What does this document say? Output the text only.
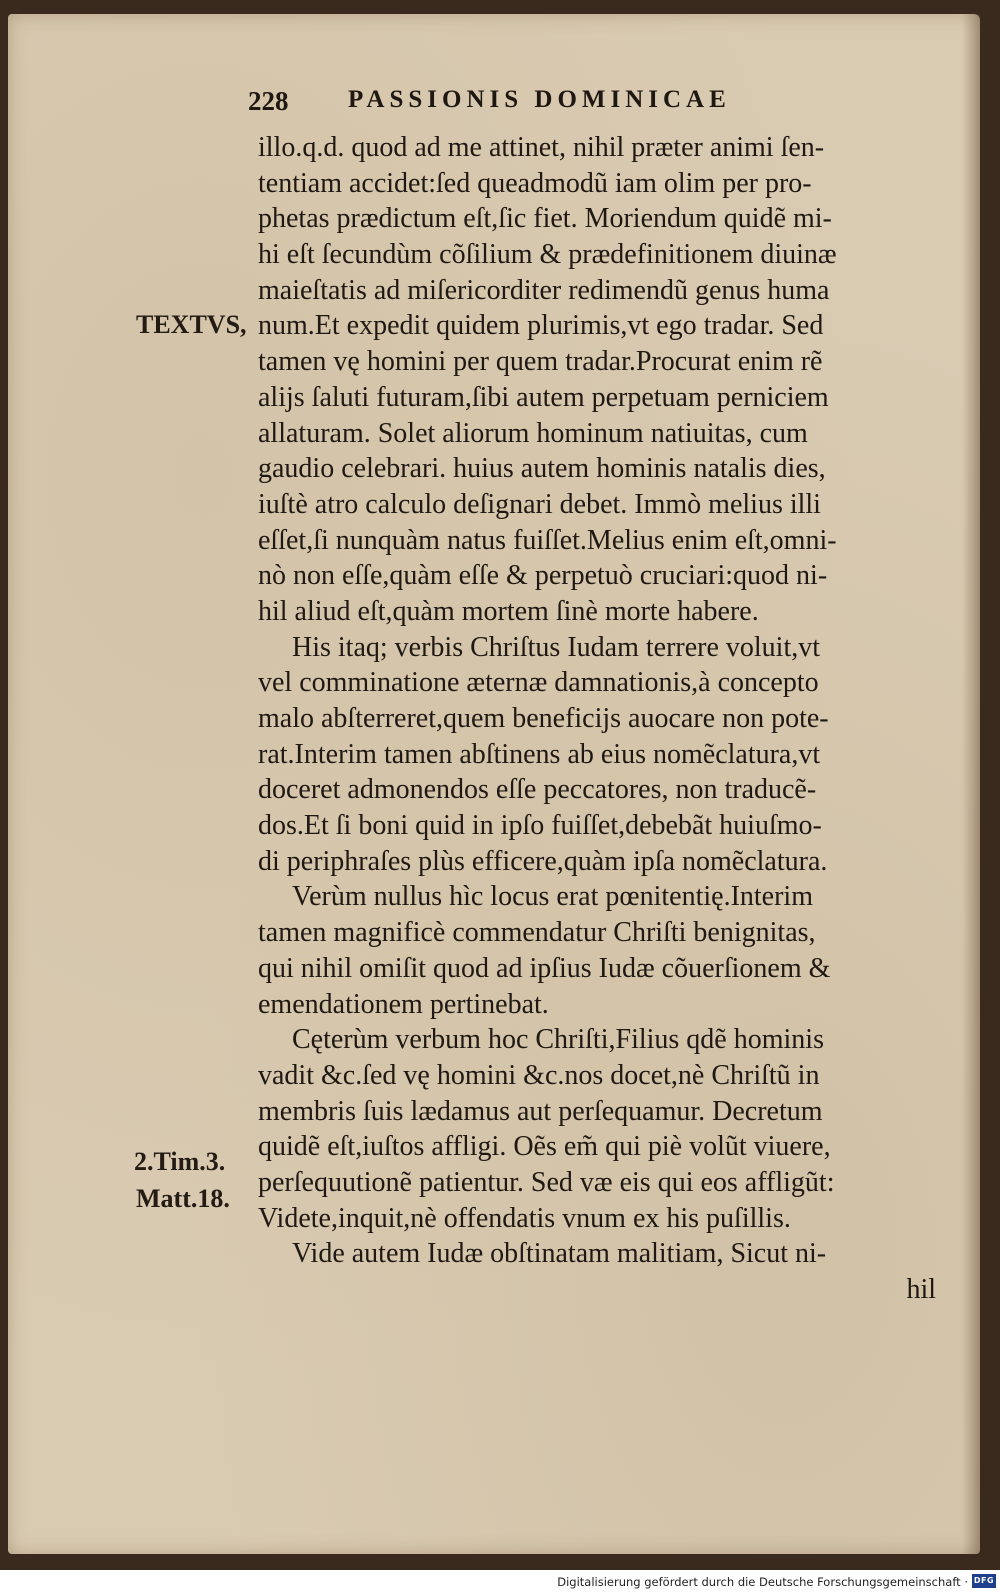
228 PASSIONIS DOMINICAE
TEXTVS,
2.Tim.3.
Matt.18.
illo.q.d. quod ad me attinet, nihil præter animi ſen-
tentiam accidet:ſed queadmodũ iam olim per pro-
phetas prædictum eſt,ſic fiet. Moriendum quidẽ mi-
hi eſt ſecundùm cõſilium & prædefinitionem diuinæ
maieſtatis ad miſericorditer redimendũ genus huma
num.Et expedit quidem plurimis,vt ego tradar. Sed
tamen vę homini per quem tradar.Procurat enim rẽ
alijs ſaluti futuram,ſibi autem perpetuam perniciem
allaturam. Solet aliorum hominum natiuitas, cum
gaudio celebrari. huius autem hominis natalis dies,
iuſtè atro calculo deſignari debet. Immò melius illi
eſſet,ſi nunquàm natus fuiſſet.Melius enim eſt,omni-
nò non eſſe,quàm eſſe & perpetuò cruciari:quod ni-
hil aliud eſt,quàm mortem ſinè morte habere.
His itaq; verbis Chriſtus Iudam terrere voluit,vt
vel comminatione æternæ damnationis,à concepto
malo abſterreret,quem beneficijs auocare non pote-
rat.Interim tamen abſtinens ab eius nomẽclatura,vt
doceret admonendos eſſe peccatores, non traducẽ-
dos.Et ſi boni quid in ipſo fuiſſet,debebãt huiuſmo-
di periphraſes plùs efficere,quàm ipſa nomẽclatura.
Verùm nullus hìc locus erat pœnitentię.Interim
tamen magnificè commendatur Chriſti benignitas,
qui nihil omiſit quod ad ipſius Iudæ cõuerſionem &
emendationem pertinebat.
Cęterùm verbum hoc Chriſti,Filius qdẽ hominis
vadit &c.ſed vę homini &c.nos docet,nè Chriſtũ in
membris ſuis lædamus aut perſequamur. Decretum
quidẽ eſt,iuſtos affligi. Oẽs em̃ qui piè volũt viuere,
perſequutionẽ patientur. Sed væ eis qui eos affligũt:
Videte,inquit,nè offendatis vnum ex his puſillis.
Vide autem Iudæ obſtinatam malitiam, Sicut ni-
hil
Digitalisierung gefördert durch die Deutsche Forschungsgemeinschaft · DFG
